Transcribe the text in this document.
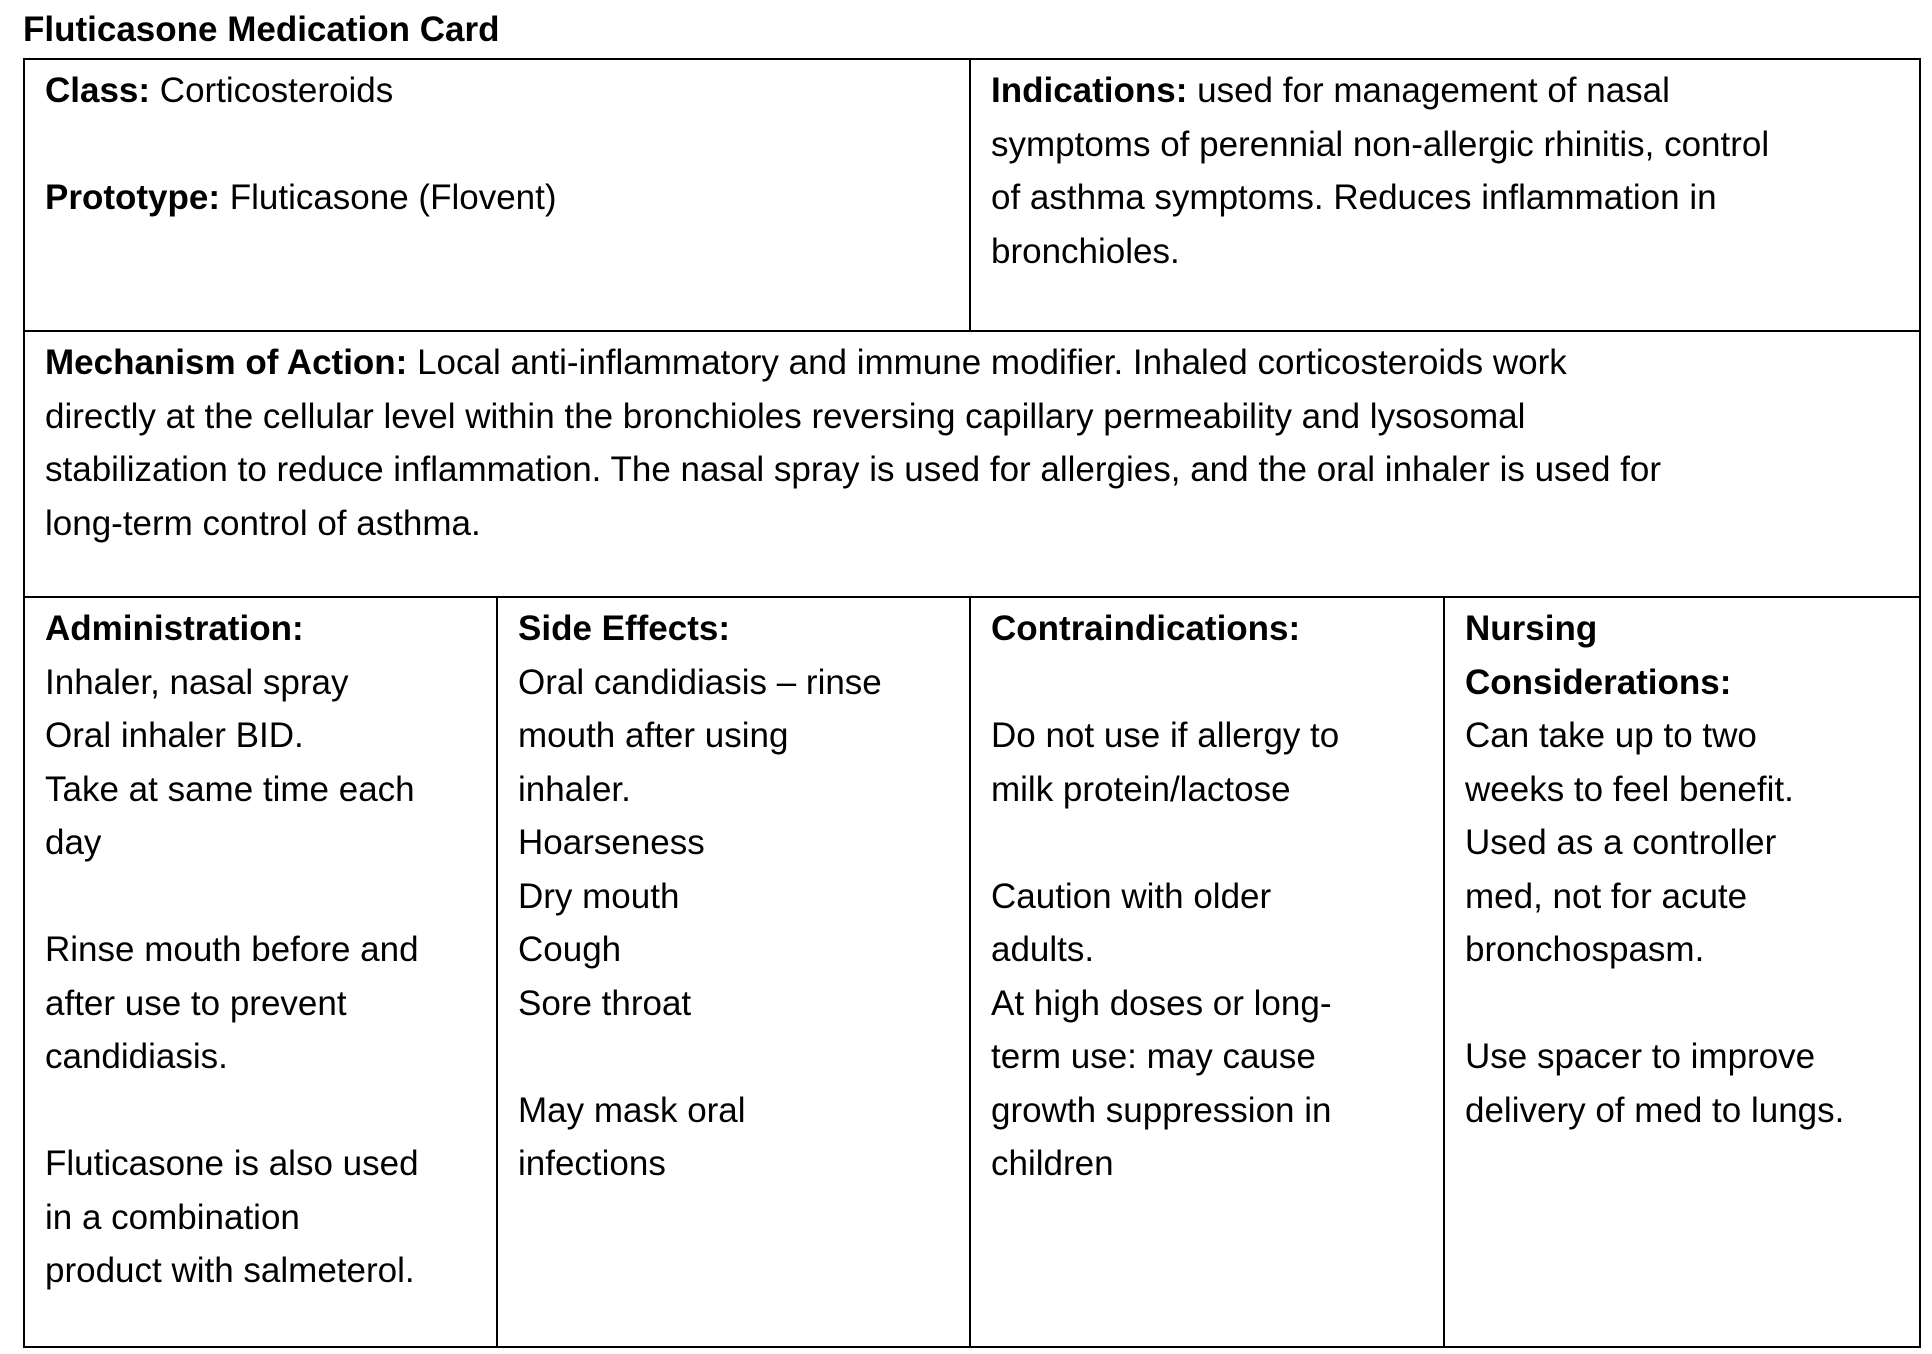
Fluticasone Medication Card
Class: Corticosteroids
Prototype: Fluticasone (Flovent)
Indications: used for management of nasal
symptoms of perennial non-allergic rhinitis, control
of asthma symptoms. Reduces inflammation in
bronchioles.
Mechanism of Action: Local anti-inflammatory and immune modifier. Inhaled corticosteroids work
directly at the cellular level within the bronchioles reversing capillary permeability and lysosomal
stabilization to reduce inflammation. The nasal spray is used for allergies, and the oral inhaler is used for
long-term control of asthma.
Administration:
Inhaler, nasal spray
Oral inhaler BID.
Take at same time each
day
Rinse mouth before and
after use to prevent
candidiasis.
Fluticasone is also used
in a combination
product with salmeterol.
Side Effects:
Oral candidiasis – rinse
mouth after using
inhaler.
Hoarseness
Dry mouth
Cough
Sore throat
May mask oral
infections
Contraindications:
Do not use if allergy to
milk protein/lactose
Caution with older
adults.
At high doses or long-
term use: may cause
growth suppression in
children
Nursing
Considerations:
Can take up to two
weeks to feel benefit.
Used as a controller
med, not for acute
bronchospasm.
Use spacer to improve
delivery of med to lungs.
